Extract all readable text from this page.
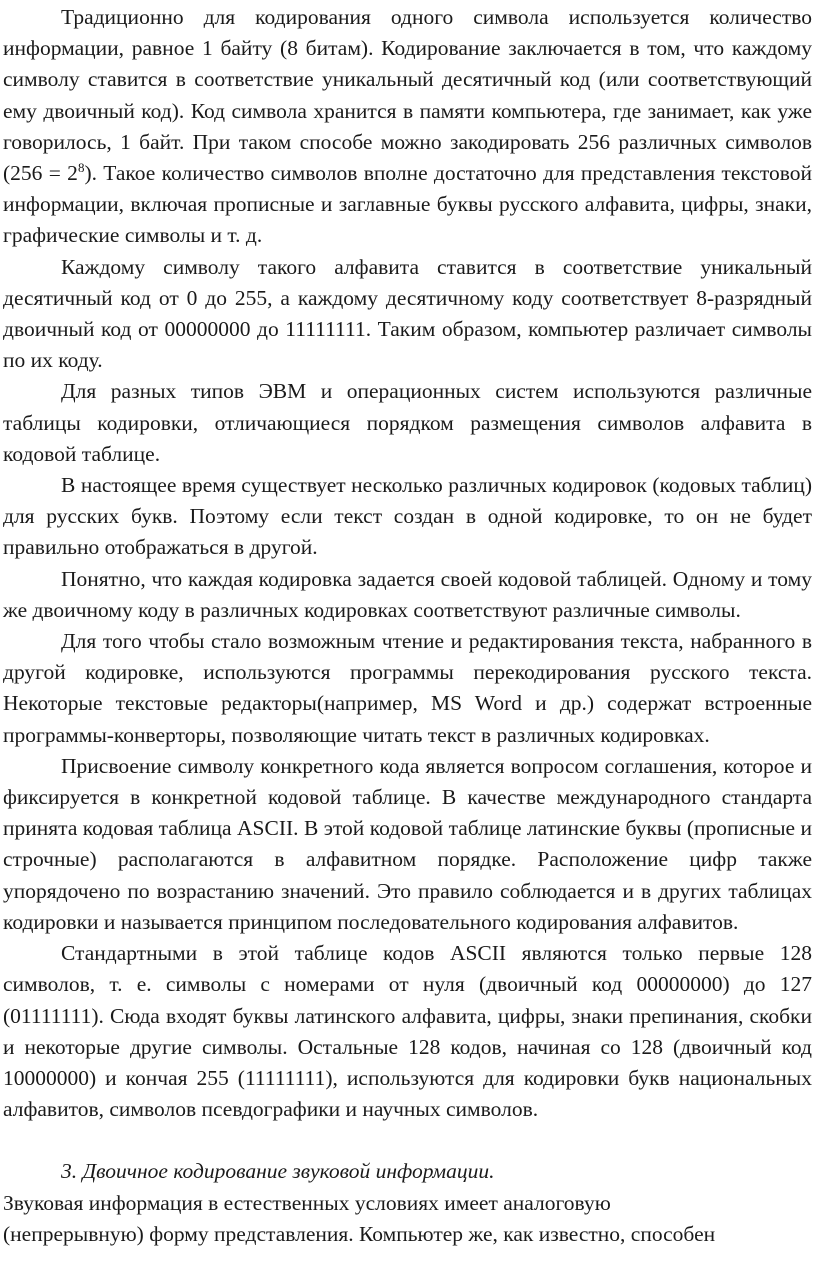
Традиционно для кодирования одного символа используется количество информации, равное 1 байту (8 битам). Кодирование заключается в том, что каждому символу ставится в соответствие уникальный десятичный код (или соответствующий ему двоичный код). Код символа хранится в памяти компьютера, где занимает, как уже говорилось, 1 байт. При таком способе можно закодировать 256 различных символов $(256 = 2^8)$. Такое количество символов вполне достаточно для представления текстовой информации, включая прописные и заглавные буквы русского алфавита, цифры, знаки, графические символы и т. д.

Каждому символу такого алфавита ставится в соответствие уникальный десятичный код от 0 до 255, а каждому десятичному коду соответствует 8-разрядный двоичный код от 00000000 до 11111111. Таким образом, компьютер различает символы по их коду.

Для разных типов ЭВМ и операционных систем используются различные таблицы кодировки, отличающиеся порядком размещения символов алфавита в кодовой таблице.

В настоящее время существует несколько различных кодировок (кодовых таблиц) для русских букв. Поэтому если текст создан в одной кодировке, то он не будет правильно отображаться в другой.

Понятно, что каждая кодировка задается своей кодовой таблицей. Одному и тому же двоичному коду в различных кодировках соответствуют различные символы.

Для того чтобы стало возможным чтение и редактирования текста, набранного в другой кодировке, используются программы перекодирования русского текста. Некоторые текстовые редакторы(например, MS Word и др.) содержат встроенные программы-конверторы, позволяющие читать текст в различных кодировках.

Присвоение символу конкретного кода является вопросом соглашения, которое и фиксируется в конкретной кодовой таблице. В качестве международного стандарта принята кодовая таблица ASCII. В этой кодовой таблице латинские буквы (прописные и строчные) располагаются в алфавитном порядке. Расположение цифр также упорядочено по возрастанию значений. Это правило соблюдается и в других таблицах кодировки и называется принципом последовательного кодирования алфавитов.

Стандартными в этой таблице кодов ASCII являются только первые 128 символов, т. е. символы с номерами от нуля (двоичный код 00000000) до 127 (01111111). Сюда входят буквы латинского алфавита, цифры, знаки препинания, скобки и некоторые другие символы. Остальные 128 кодов, начиная со 128 (двоичный код 10000000) и кончая 255 (11111111), используются для кодировки букв национальных алфавитов, символов псевдографики и научных символов.

3. Двоичное кодирование звуковой информации.

Звуковая информация в естественных условиях имеет аналоговую
(непрерывную) форму представления. Компьютер же, как известно, способен
